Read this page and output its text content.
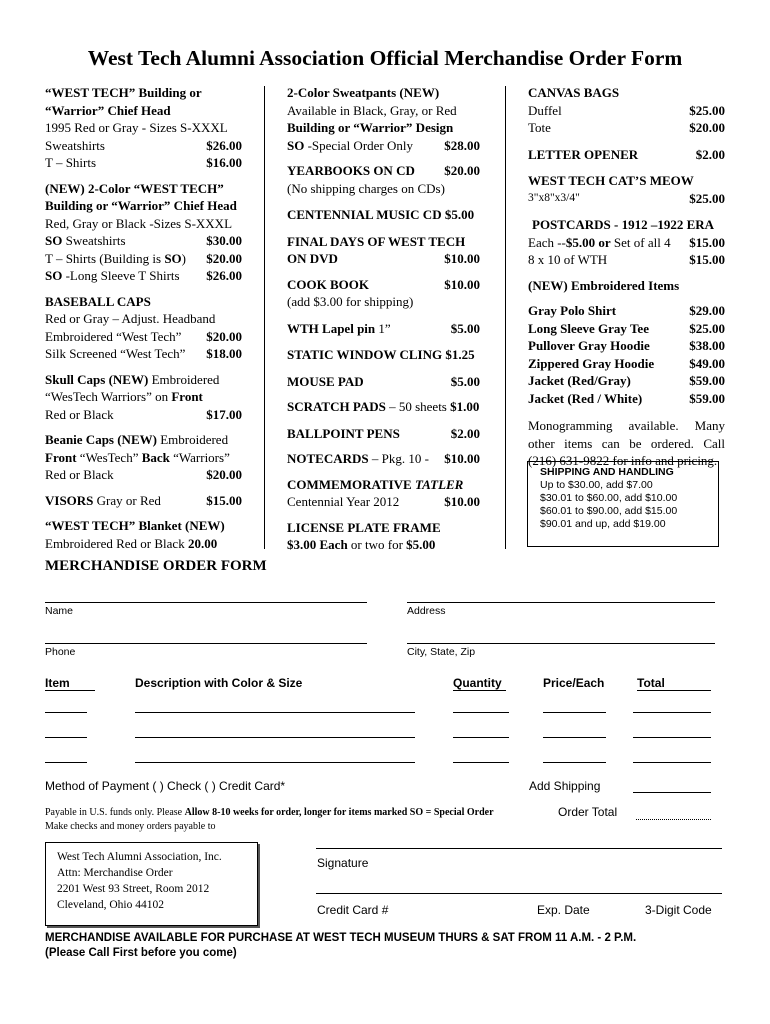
West Tech Alumni Association Official Merchandise Order Form
“WEST TECH” Building or
“Warrior” Chief Head
1995 Red or Gray - Sizes S-XXXL
Sweatshirts	$26.00
T – Shirts	$16.00
(NEW) 2-Color “WEST TECH”
Building or “Warrior” Chief Head
Red, Gray or Black -Sizes S-XXXL
SO Sweatshirts	$30.00
T – Shirts (Building is SO) $20.00
SO -Long Sleeve T Shirts $26.00
BASEBALL CAPS
Red or Gray – Adjust. Headband
Embroidered “West Tech” $20.00
Silk Screened “West Tech” $18.00
Skull Caps (NEW) Embroidered
“WesTech Warriors” on Front
Red or Black	$17.00
Beanie Caps (NEW) Embroidered
Front “WesTech” Back “Warriors”
Red or Black	$20.00
VISORS Gray or Red	$15.00
“WEST TECH” Blanket (NEW)
Embroidered Red or Black 20.00
2-Color Sweatpants (NEW)
Available in Black, Gray, or Red
Building or “Warrior” Design
SO -Special Order Only $28.00
YEARBOOKS ON CD $20.00
(No shipping charges on CDs)
CENTENNIAL MUSIC CD $5.00
FINAL DAYS OF WEST TECH
ON DVD	$10.00
COOK BOOK	$10.00
(add $3.00 for shipping)
WTH Lapel pin 1”	$5.00
STATIC WINDOW CLING $1.25
MOUSE PAD	$5.00
SCRATCH PADS – 50 sheets $1.00
BALLPOINT PENS	$2.00
NOTECARDS – Pkg. 10 - $10.00
COMMEMORATIVE TATLER
Centennial Year 2012	$10.00
LICENSE PLATE FRAME
$3.00 Each or two for $5.00
CANVAS BAGS
Duffel	$25.00
Tote	$20.00
LETTER OPENER	$2.00
WEST TECH CAT’S MEOW
3"x8"x3/4"	$25.00
POSTCARDS - 1912 –1922 ERA
Each --$5.00 or Set of all 4 $15.00
8 x 10 of WTH	$15.00
(NEW) Embroidered Items
Gray Polo Shirt	$29.00
Long Sleeve Gray Tee	$25.00
Pullover Gray Hoodie	$38.00
Zippered Gray Hoodie	$49.00
Jacket (Red/Gray)	$59.00
Jacket (Red / White)	$59.00
Monogramming available. Many other items can be ordered. Call (216) 631-9822 for info and pricing.
SHIPPING AND HANDLING
Up to $30.00, add $7.00
$30.01 to $60.00, add $10.00
$60.01 to $90.00, add $15.00
$90.01 and up, add $19.00
MERCHANDISE ORDER FORM
Name	Address
Phone	City, State, Zip
Item	Description with Color & Size	Quantity	Price/Each	Total
Method of Payment ( ) Check ( ) Credit Card*	Add Shipping
Payable in U.S. funds only. Please Allow 8-10 weeks for order, longer for items marked SO = Special Order	Order Total
Make checks and money orders payable to
West Tech Alumni Association, Inc.
Attn: Merchandise Order
2201 West 93 Street, Room 2012
Cleveland, Ohio 44102
Signature
Credit Card #	Exp. Date	3-Digit Code
MERCHANDISE AVAILABLE FOR PURCHASE AT WEST TECH MUSEUM THURS & SAT FROM 11 A.M. - 2 P.M.
(Please Call First before you come)
